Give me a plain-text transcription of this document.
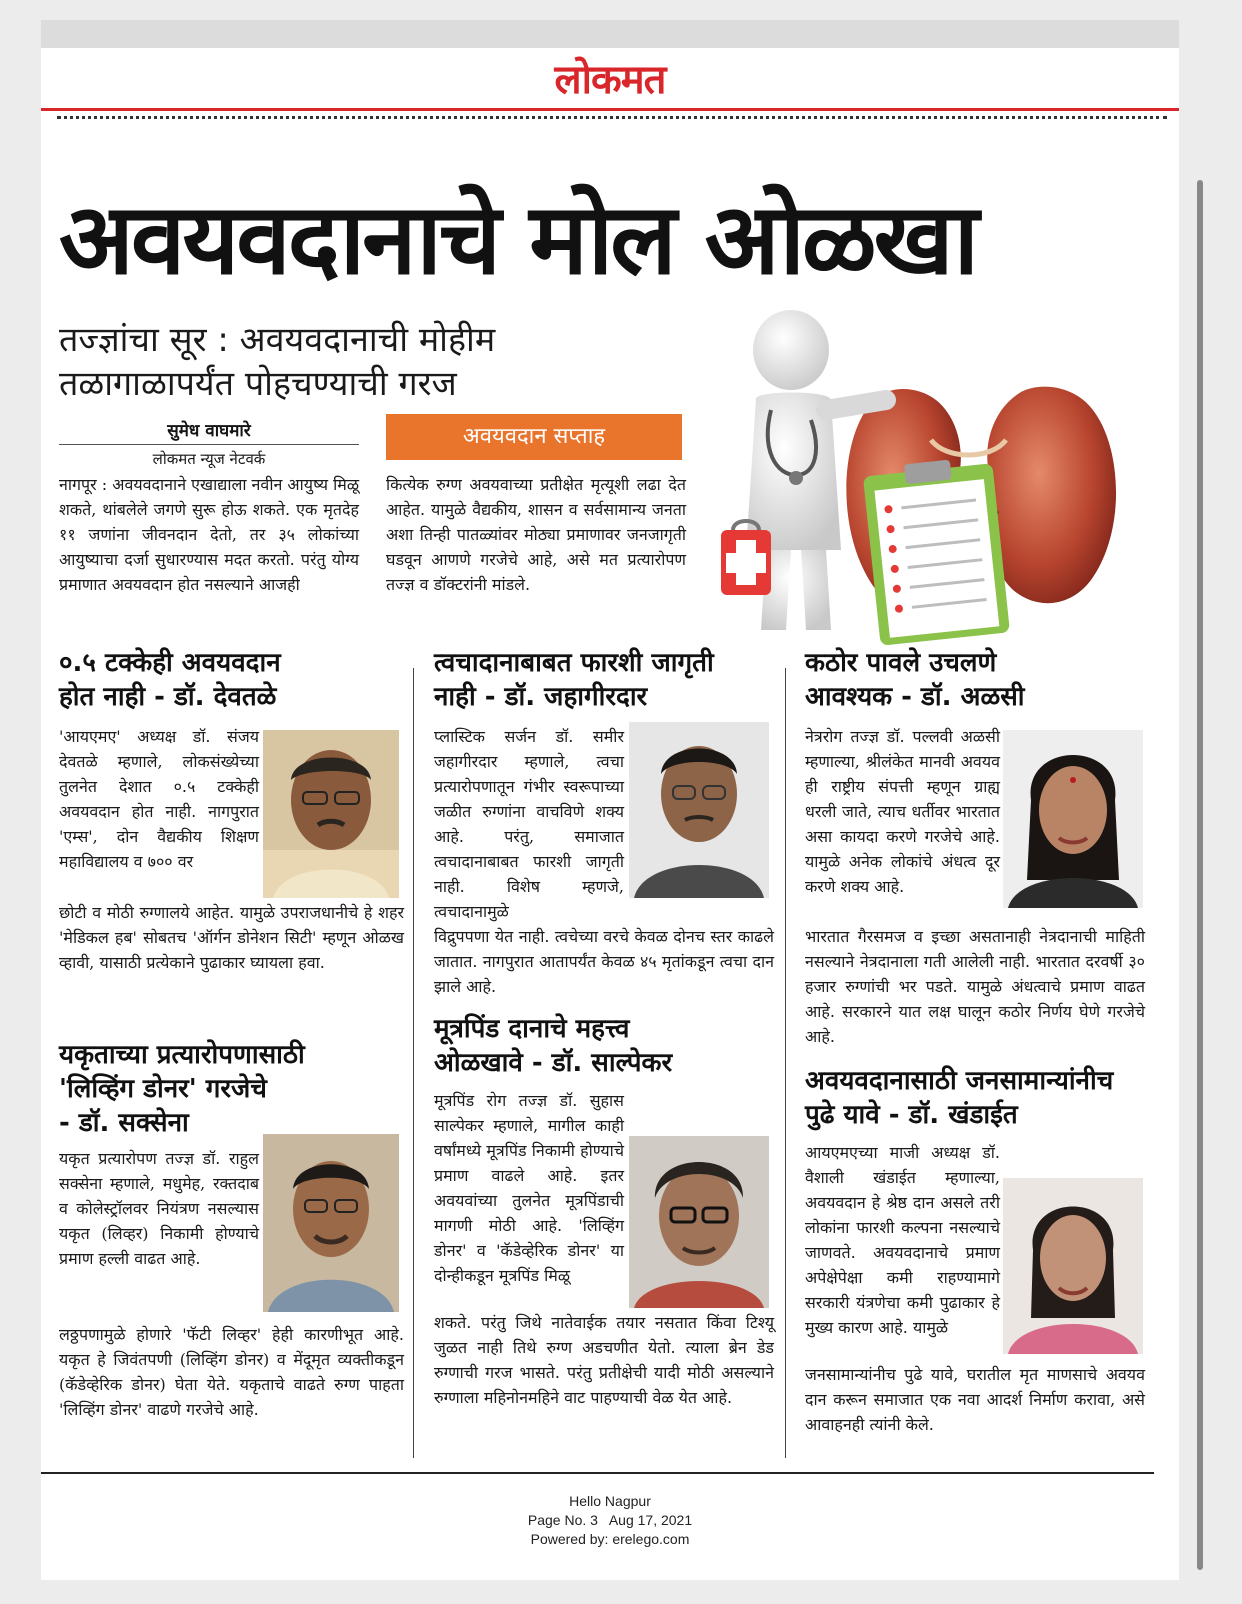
लोकमत
अवयवदानाचे मोल ओळखा
तज्ज्ञांचा सूर : अवयवदानाची मोहीम
तळागाळापर्यंत पोहचण्याची गरज
सुमेध वाघमारे
लोकमत न्यूज नेटवर्क
नागपूर : अवयवदानाने एखाद्याला नवीन आयुष्य मिळू शकते, थांबलेले जगणे सुरू होऊ शकते. एक मृतदेह ११ जणांना जीवनदान देतो, तर ३५ लोकांच्या आयुष्याचा दर्जा सुधारण्यास मदत करतो. परंतु योग्य प्रमाणात अवयवदान होत नसल्याने आजही
अवयवदान सप्ताह
कित्येक रुग्ण अवयवाच्या प्रतीक्षेत मृत्यूशी लढा देत आहेत. यामुळे वैद्यकीय, शासन व सर्वसामान्य जनता अशा तिन्ही पातळ्यांवर मोठ्या प्रमाणावर जनजागृती घडवून आणणे गरजेचे आहे, असे मत प्रत्यारोपण तज्ज्ञ व डॉक्टरांनी मांडले.
०.५ टक्केही अवयवदान
होत नाही - डॉ. देवतळे
'आयएमए' अध्यक्ष डॉ. संजय देवतळे म्हणाले, लोकसंख्येच्या तुलनेत देशात ०.५ टक्केही अवयवदान होत नाही. नागपुरात 'एम्स', दोन वैद्यकीय शिक्षण महाविद्यालय व ७०० वर
छोटी व मोठी रुग्णालये आहेत. यामुळे उपराजधानीचे हे शहर 'मेडिकल हब' सोबतच 'ऑर्गन डोनेशन सिटी' म्हणून ओळख व्हावी, यासाठी प्रत्येकाने पुढाकार घ्यायला हवा.
यकृताच्या प्रत्यारोपणासाठी
'लिव्हिंग डोनर' गरजेचे
- डॉ. सक्सेना
यकृत प्रत्यारोपण तज्ज्ञ डॉ. राहुल सक्सेना म्हणाले, मधुमेह, रक्तदाब व कोलेस्ट्रॉलवर नियंत्रण नसल्यास यकृत (लिव्हर) निकामी होण्याचे प्रमाण हल्ली वाढत आहे.
लठ्ठपणामुळे होणारे 'फॅटी लिव्हर' हेही कारणीभूत आहे. यकृत हे जिवंतपणी (लिव्हिंग डोनर) व मेंदूमृत व्यक्तीकडून (कॅडेव्हेरिक डोनर) घेता येते. यकृताचे वाढते रुग्ण पाहता 'लिव्हिंग डोनर' वाढणे गरजेचे आहे.
त्वचादानाबाबत फारशी जागृती
नाही - डॉ. जहागीरदार
प्लास्टिक सर्जन डॉ. समीर जहागीरदार म्हणाले, त्वचा प्रत्यारोपणातून गंभीर स्वरूपाच्या जळीत रुग्णांना वाचविणे शक्य आहे. परंतु, समाजात त्वचादानाबाबत फारशी जागृती नाही. विशेष म्हणजे, त्वचादानामुळे
विद्रुपपणा येत नाही. त्वचेच्या वरचे केवळ दोनच स्तर काढले जातात. नागपुरात आतापर्यंत केवळ ४५ मृतांकडून त्वचा दान झाले आहे.
मूत्रपिंड दानाचे महत्त्व
ओळखावे - डॉ. साल्पेकर
मूत्रपिंड रोग तज्ज्ञ डॉ. सुहास साल्पेकर म्हणाले, मागील काही वर्षांमध्ये मूत्रपिंड निकामी होण्याचे प्रमाण वाढले आहे. इतर अवयवांच्या तुलनेत मूत्रपिंडाची मागणी मोठी आहे. 'लिव्हिंग डोनर' व 'कॅडेव्हेरिक डोनर' या दोन्हीकडून मूत्रपिंड मिळू
शकते. परंतु जिथे नातेवाईक तयार नसतात किंवा टिश्यू जुळत नाही तिथे रुग्ण अडचणीत येतो. त्याला ब्रेन डेड रुग्णाची गरज भासते. परंतु प्रतीक्षेची यादी मोठी असल्याने रुग्णाला महिनोनमहिने वाट पाहण्याची वेळ येत आहे.
कठोर पावले उचलणे
आवश्यक - डॉ. अळसी
नेत्ररोग तज्ज्ञ डॉ. पल्लवी अळसी म्हणाल्या, श्रीलंकेत मानवी अवयव ही राष्ट्रीय संपत्ती म्हणून ग्राह्य धरली जाते, त्याच धर्तीवर भारतात असा कायदा करणे गरजेचे आहे. यामुळे अनेक लोकांचे अंधत्व दूर करणे शक्य आहे.
भारतात गैरसमज व इच्छा असतानाही नेत्रदानाची माहिती नसल्याने नेत्रदानाला गती आलेली नाही. भारतात दरवर्षी ३० हजार रुग्णांची भर पडते. यामुळे अंधत्वाचे प्रमाण वाढत आहे. सरकारने यात लक्ष घालून कठोर निर्णय घेणे गरजेचे आहे.
अवयवदानासाठी जनसामान्यांनीच
पुढे यावे - डॉ. खंडाईत
आयएमएच्या माजी अध्यक्ष डॉ. वैशाली खंडाईत म्हणाल्या, अवयवदान हे श्रेष्ठ दान असले तरी लोकांना फारशी कल्पना नसल्याचे जाणवते. अवयवदानाचे प्रमाण अपेक्षेपेक्षा कमी राहण्यामागे सरकारी यंत्रणेचा कमी पुढाकार हे मुख्य कारण आहे. यामुळे
जनसामान्यांनीच पुढे यावे, घरातील मृत माणसाचे अवयव दान करून समाजात एक नवा आदर्श निर्माण करावा, असे आवाहनही त्यांनी केले.
Hello Nagpur
Page No. 3   Aug 17, 2021
Powered by: erelego.com
